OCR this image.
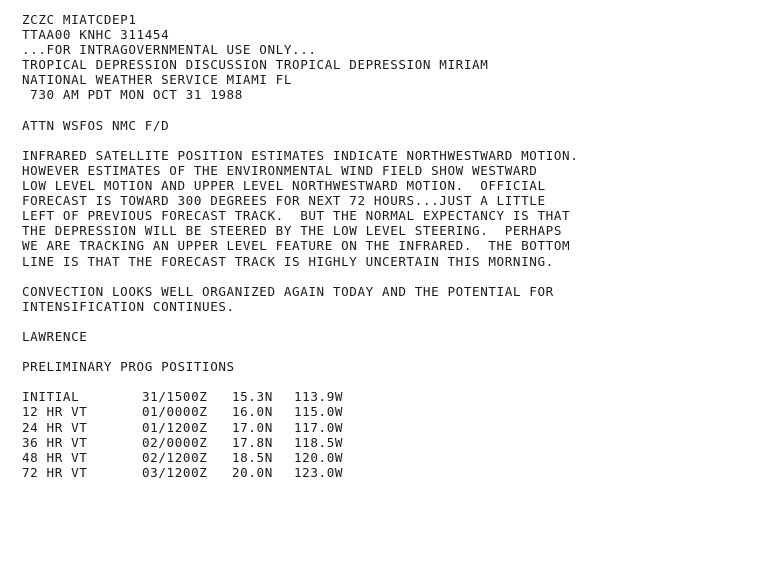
ZCZC MIATCDEP1
TTAA00 KNHC 311454
...FOR INTRAGOVERNMENTAL USE ONLY...
TROPICAL DEPRESSION DISCUSSION TROPICAL DEPRESSION MIRIAM
NATIONAL WEATHER SERVICE MIAMI FL
730 AM PDT MON OCT 31 1988
ATTN WSFOS NMC F/D
INFRARED SATELLITE POSITION ESTIMATES INDICATE NORTHWESTWARD MOTION.
HOWEVER ESTIMATES OF THE ENVIRONMENTAL WIND FIELD SHOW WESTWARD
LOW LEVEL MOTION AND UPPER LEVEL NORTHWESTWARD MOTION.  OFFICIAL
FORECAST IS TOWARD 300 DEGREES FOR NEXT 72 HOURS...JUST A LITTLE
LEFT OF PREVIOUS FORECAST TRACK.  BUT THE NORMAL EXPECTANCY IS THAT
THE DEPRESSION WILL BE STEERED BY THE LOW LEVEL STEERING.  PERHAPS
WE ARE TRACKING AN UPPER LEVEL FEATURE ON THE INFRARED.  THE BOTTOM
LINE IS THAT THE FORECAST TRACK IS HIGHLY UNCERTAIN THIS MORNING.
CONVECTION LOOKS WELL ORGANIZED AGAIN TODAY AND THE POTENTIAL FOR
INTENSIFICATION CONTINUES.
LAWRENCE
PRELIMINARY PROG POSITIONS
INITIAL	31/1500Z	15.3N	113.9W
12 HR VT	01/0000Z	16.0N	115.0W
24 HR VT	01/1200Z	17.0N	117.0W
36 HR VT	02/0000Z	17.8N	118.5W
48 HR VT	02/1200Z	18.5N	120.0W
72 HR VT	03/1200Z	20.0N	123.0W
